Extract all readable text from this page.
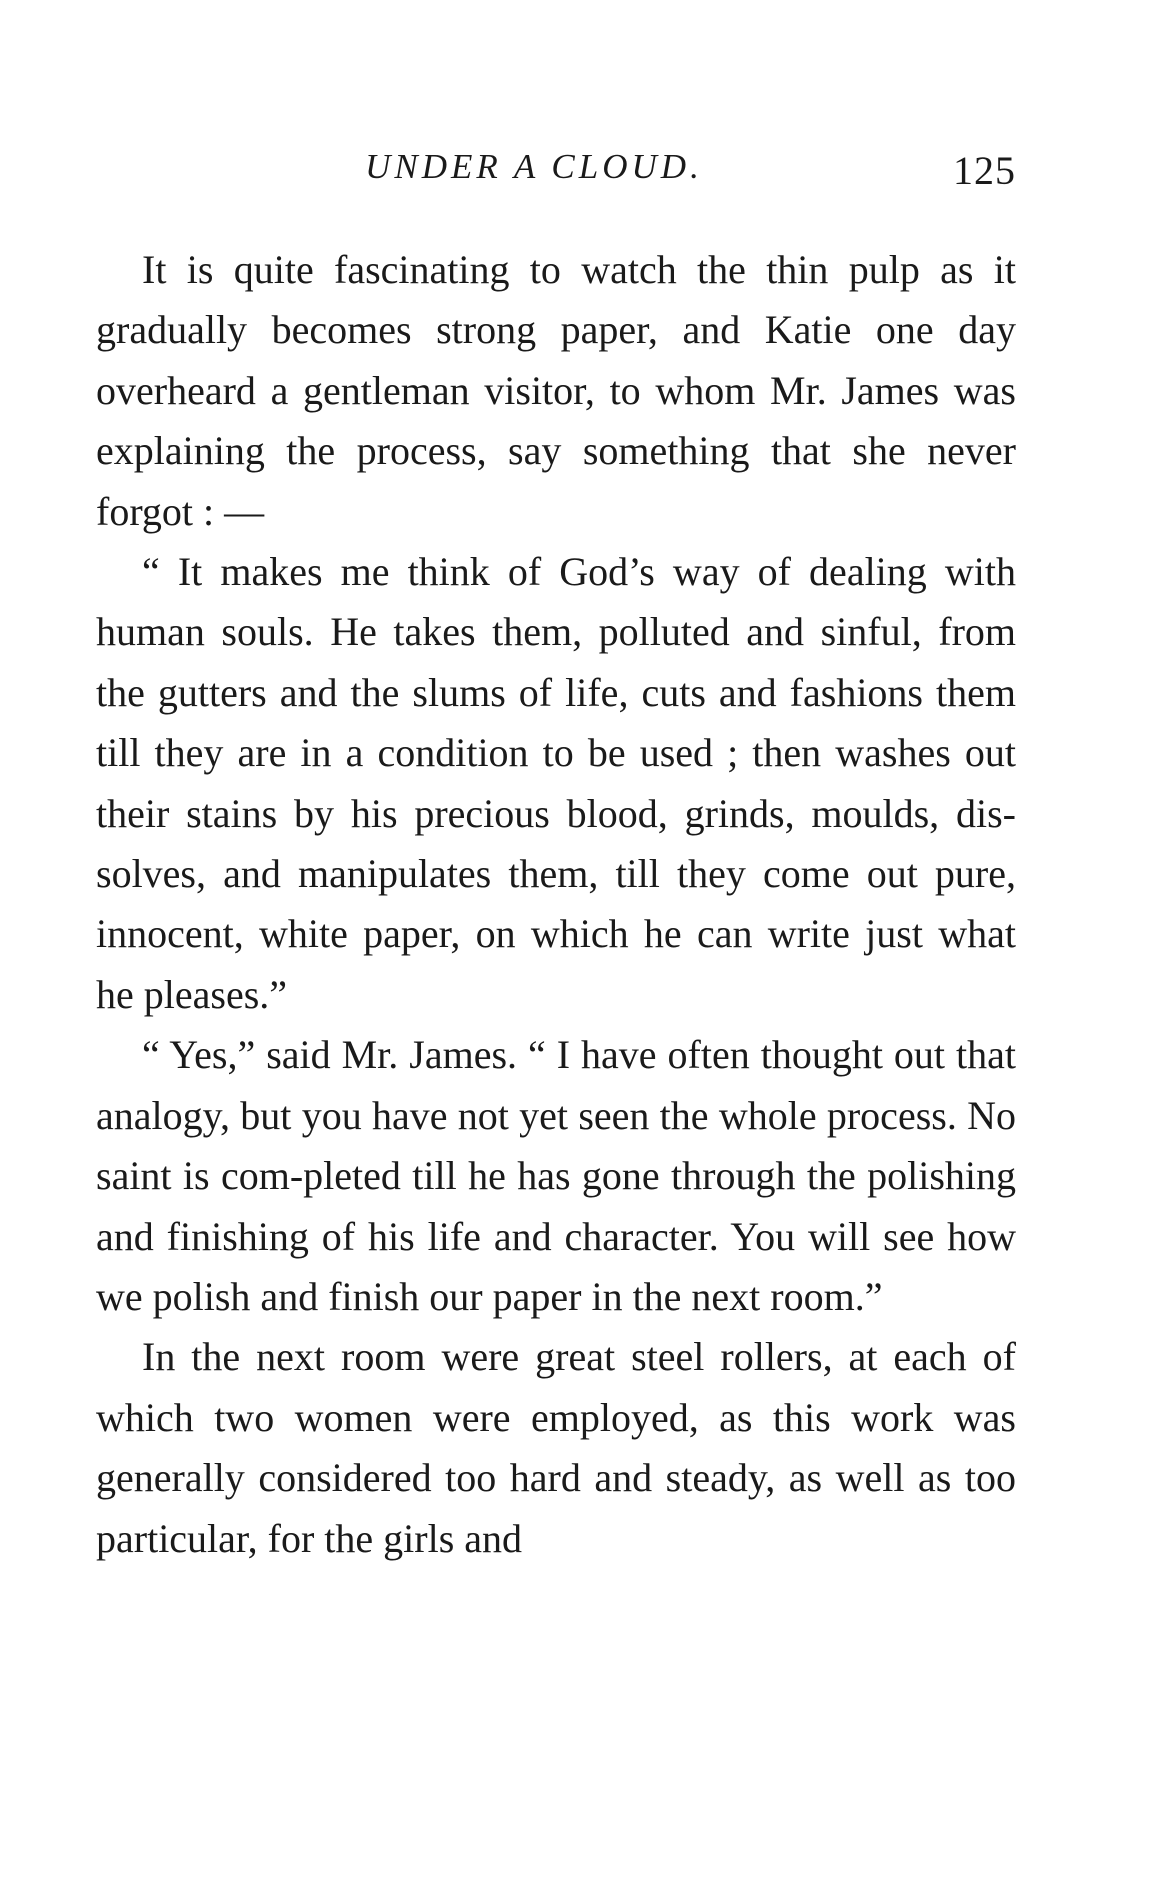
UNDER A CLOUD.	125

It is quite fascinating to watch the thin pulp as it gradually becomes strong paper, and Katie one day overheard a gentleman visitor, to whom Mr. James was explaining the process, say something that she never forgot : —

“ It makes me think of God’s way of dealing with human souls. He takes them, polluted and sinful, from the gutters and the slums of life, cuts and fashions them till they are in a condition to be used ; then washes out their stains by his precious blood, grinds, moulds, dis-solves, and manipulates them, till they come out pure, innocent, white paper, on which he can write just what he pleases.”

“ Yes,” said Mr. James. “ I have often thought out that analogy, but you have not yet seen the whole process. No saint is com-pleted till he has gone through the polishing and finishing of his life and character. You will see how we polish and finish our paper in the next room.”

In the next room were great steel rollers, at each of which two women were employed, as this work was generally considered too hard and steady, as well as too particular, for the girls and
